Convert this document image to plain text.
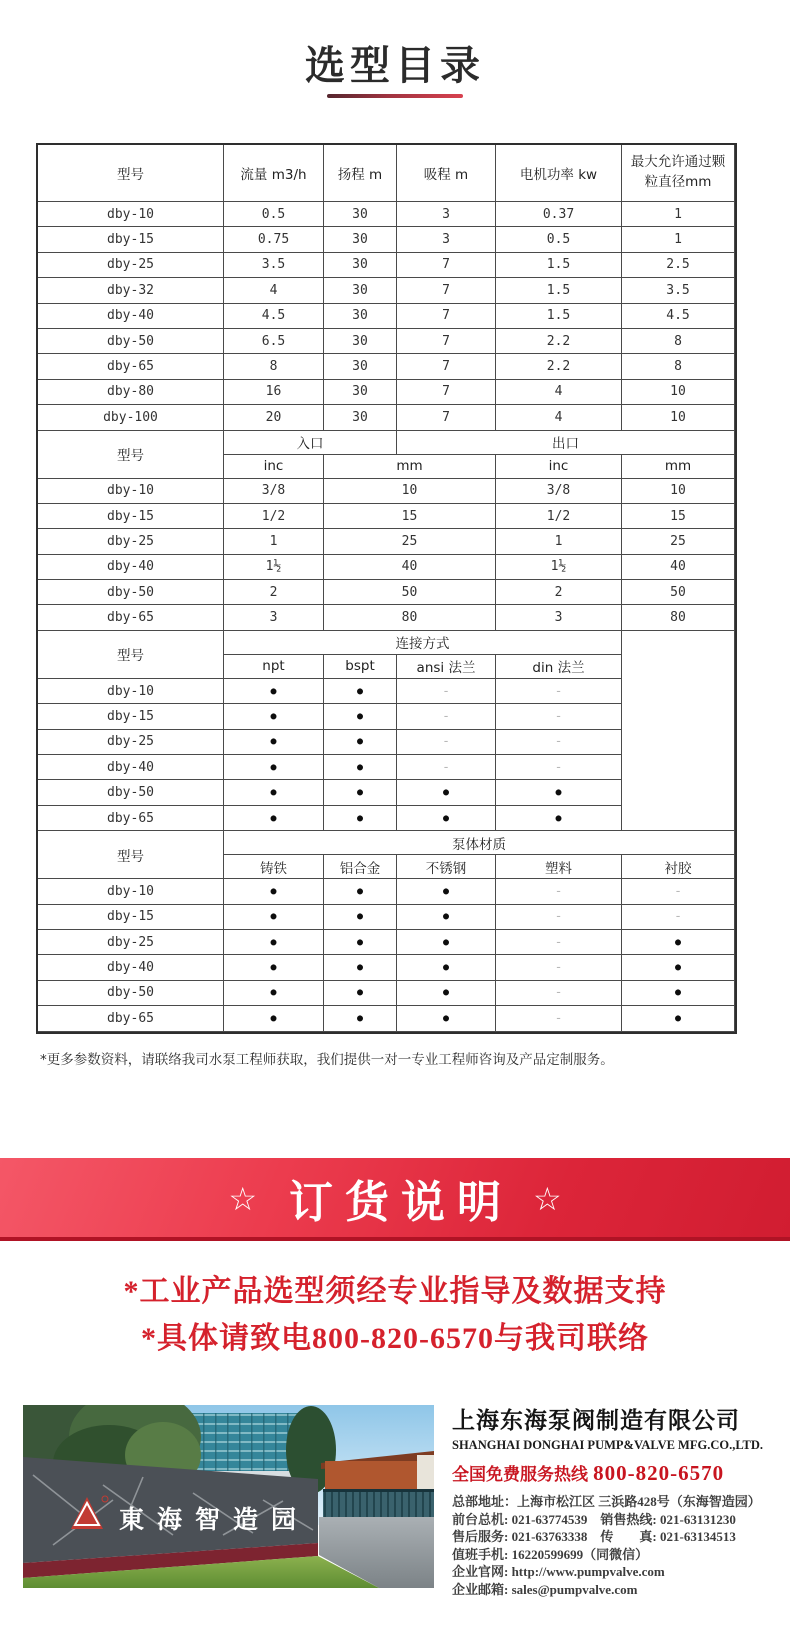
选型目录
型号	流量 m3/h	扬程 m	吸程 m	电机功率 kw
最大允许通过颗粒直径mm
dby-10	0.5	30	3	0.37	1
dby-15	0.75	30	3	0.5	1
dby-25	3.5	30	7	1.5	2.5
dby-32	4	30	7	1.5	3.5
dby-40	4.5	30	7	1.5	4.5
dby-50	6.5	30	7	2.2	8
dby-65	8	30	7	2.2	8
dby-80	16	30	7	4	10
dby-100	20	30	7	4	10
型号
入口	出口
inc	mm	inc	mm
dby-10	3/8	10	3/8	10
dby-15	1/2	15	1/2	15
dby-25	1	25	1	25
dby-40	1½	40	1½	40
dby-50	2	50	2	50
dby-65	3	80	3	80
型号
连接方式
npt	bspt	ansi 法兰	din 法兰
dby-10	●	●	-	-
dby-15	●	●	-	-
dby-25	●	●	-	-
dby-40	●	●	-	-
dby-50	●	●	●	●
dby-65	●	●	●	●
型号
泵体材质
铸铁	铝合金	不锈钢	塑料	衬胶
dby-10	●	●	●	-	-
dby-15	●	●	●	-	-
dby-25	●	●	●	-	●
dby-40	●	●	●	-	●
dby-50	●	●	●	-	●
dby-65	●	●	●	-	●
*更多参数资料，请联络我司水泵工程师获取，我们提供一对一专业工程师咨询及产品定制服务。
☆ 订货说明 ☆
*工业产品选型须经专业指导及数据支持
*具体请致电800-820-6570与我司联络
東海智造园
上海东海泵阀制造有限公司
SHANGHAI DONGHAI PUMP&VALVE MFG.CO.,LTD.
全国免费服务热线 800-820-6570
总部地址：上海市松江区 三浜路428号（东海智造园）
前台总机: 021-63774539　销售热线: 021-63131230
售后服务: 021-63763338　传　　真: 021-63134513
值班手机: 16220599699（同微信）
企业官网: http://www.pumpvalve.com
企业邮箱: sales@pumpvalve.com
